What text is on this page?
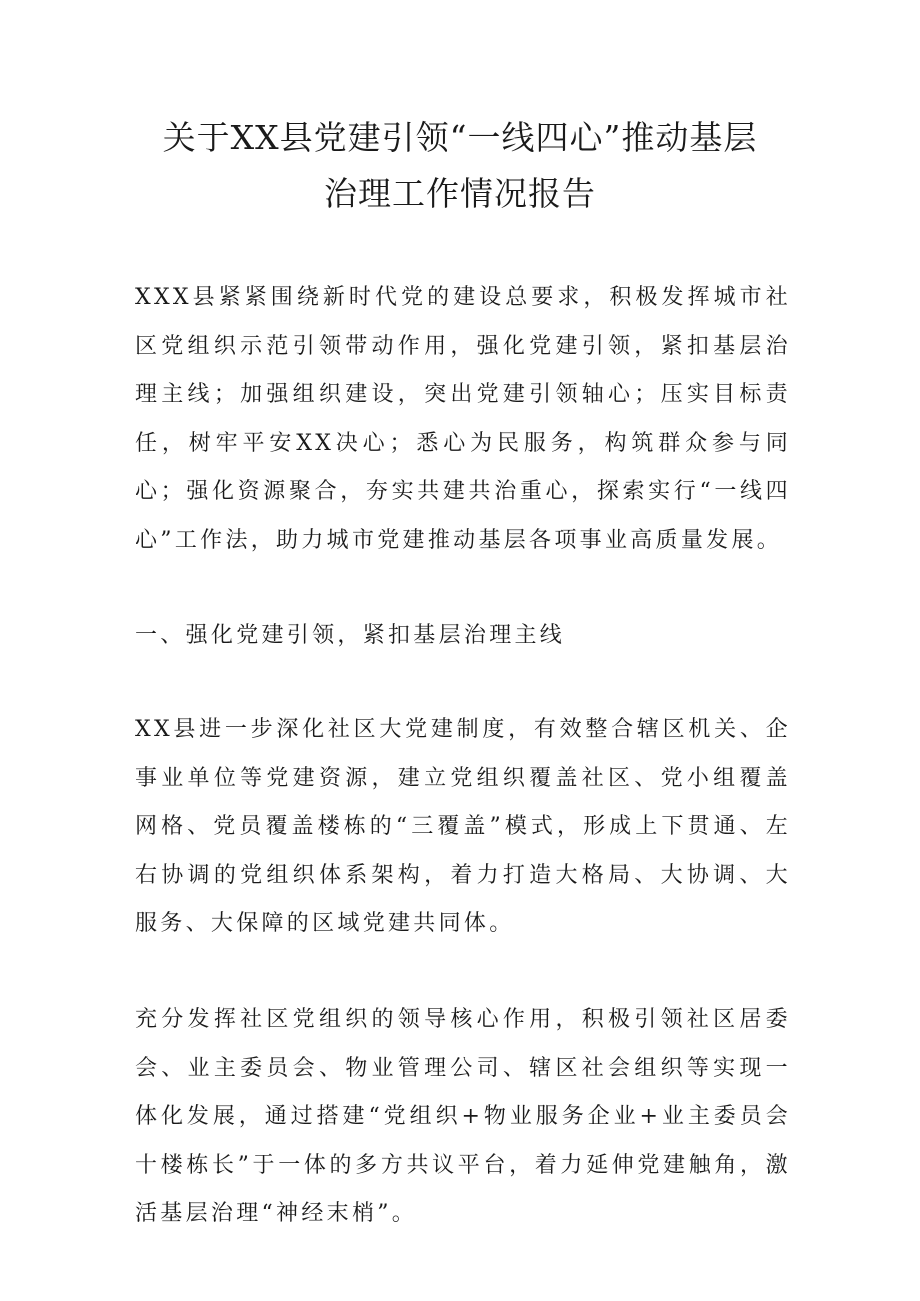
关于XX县党建引领“一线四心”推动基层
治理工作情况报告

XXX县紧紧围绕新时代党的建设总要求，积极发挥城市社区党组织示范引领带动作用，强化党建引领，紧扣基层治理主线；加强组织建设，突出党建引领轴心；压实目标责任，树牢平安XX决心；悉心为民服务，构筑群众参与同心；强化资源聚合，夯实共建共治重心，探索实行“一线四心”工作法，助力城市党建推动基层各项事业高质量发展。

一、强化党建引领，紧扣基层治理主线

XX县进一步深化社区大党建制度，有效整合辖区机关、企事业单位等党建资源，建立党组织覆盖社区、党小组覆盖网格、党员覆盖楼栋的“三覆盖”模式，形成上下贯通、左右协调的党组织体系架构，着力打造大格局、大协调、大服务、大保障的区域党建共同体。

充分发挥社区党组织的领导核心作用，积极引领社区居委会、业主委员会、物业管理公司、辖区社会组织等实现一体化发展，通过搭建“党组织+物业服务企业+业主委员会十楼栋长”于一体的多方共议平台，着力延伸党建触角，激活基层治理“神经末梢”。
